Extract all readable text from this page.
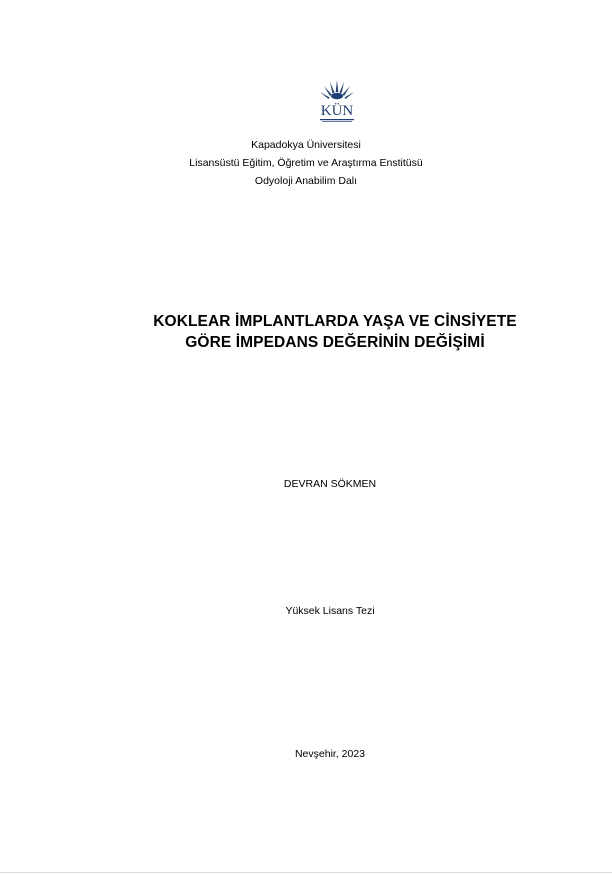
KÜN
Kapadokya Üniversitesi
Lisansüstü Eğitim, Öğretim ve Araştırma Enstitüsü
Odyoloji Anabilim Dalı
KOKLEAR İMPLANTLARDA YAŞA VE CİNSİYETE
GÖRE İMPEDANS DEĞERİNİN DEĞİŞİMİ
DEVRAN SÖKMEN
Yüksek Lisans Tezi
Nevşehir, 2023
